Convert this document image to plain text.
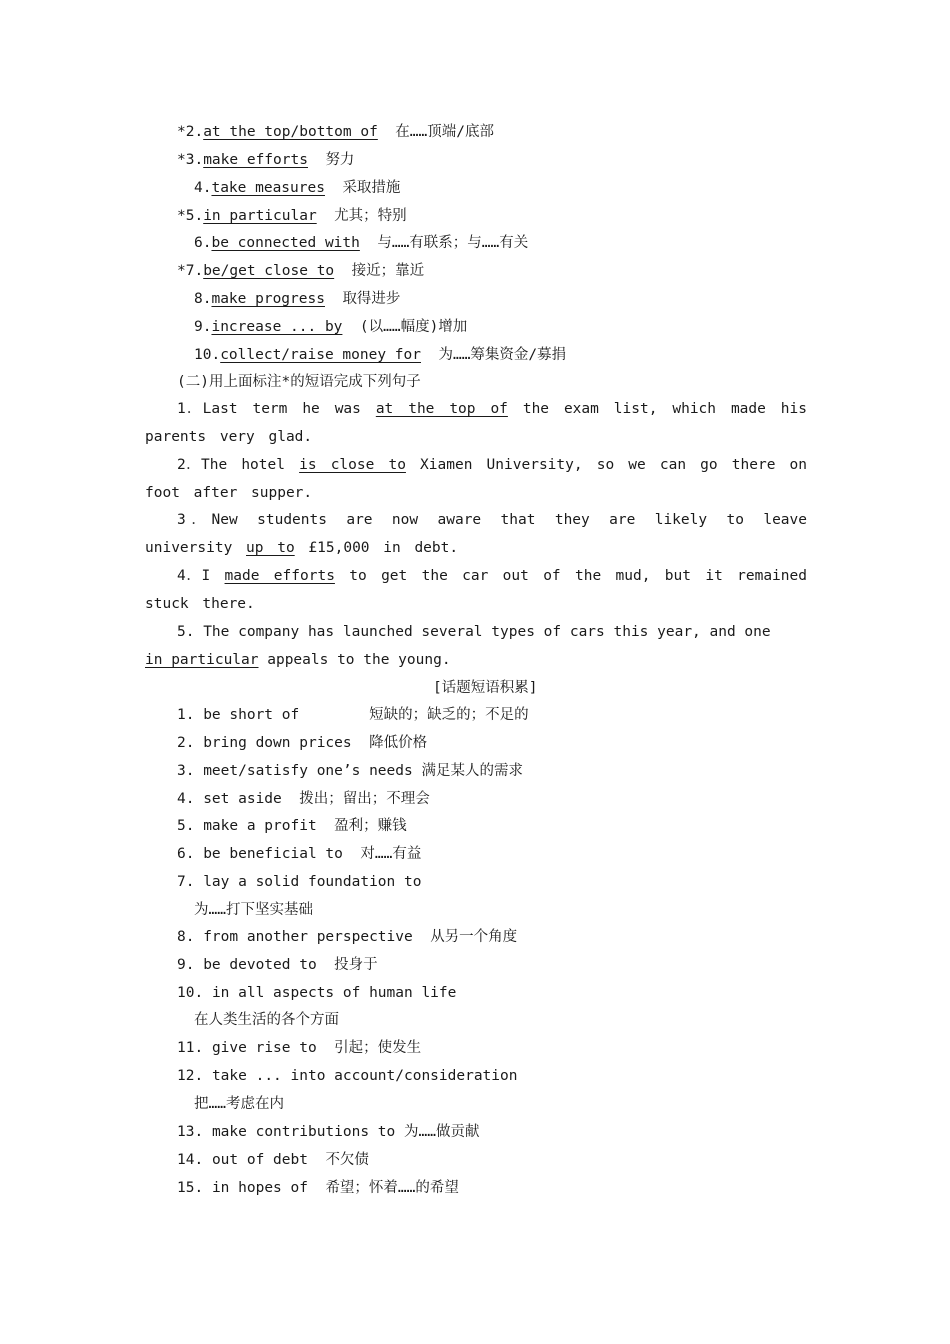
*2.at the top/bottom of 在……顶端/底部
*3.make efforts 努力
4.take measures 采取措施
*5.in particular 尤其；特别
6.be connected with 与……有联系；与……有关
*7.be/get close to 接近；靠近
8.make progress 取得进步
9.increase ... by (以……幅度)增加
10.collect/raise money for 为……筹集资金/募捐
(二)用上面标注*的短语完成下列句子
1．Last term he was at the top of the exam list, which made his parents very glad.
2．The hotel is close to Xiamen University, so we can go there on foot after supper.
3．New students are now aware that they are likely to leave university up to £15,000 in debt.
4．I made efforts to get the car out of the mud, but it remained stuck there.
5. The company has launched several types of cars this year, and one
in particular appeals to the young.
[话题短语积累]
1. be short of	短缺的；缺乏的；不足的
2. bring down prices 降低价格
3. meet/satisfy one’s needs 满足某人的需求
4. set aside 拨出；留出；不理会
5. make a profit 盈利；赚钱
6. be beneficial to 对……有益
7. lay a solid foundation to
为……打下坚实基础
8. from another perspective 从另一个角度
9. be devoted to 投身于
10. in all aspects of human life
在人类生活的各个方面
11. give rise to 引起；使发生
12. take ... into account/consideration
把……考虑在内
13. make contributions to 为……做贡献
14. out of debt 不欠债
15. in hopes of 希望；怀着……的希望
